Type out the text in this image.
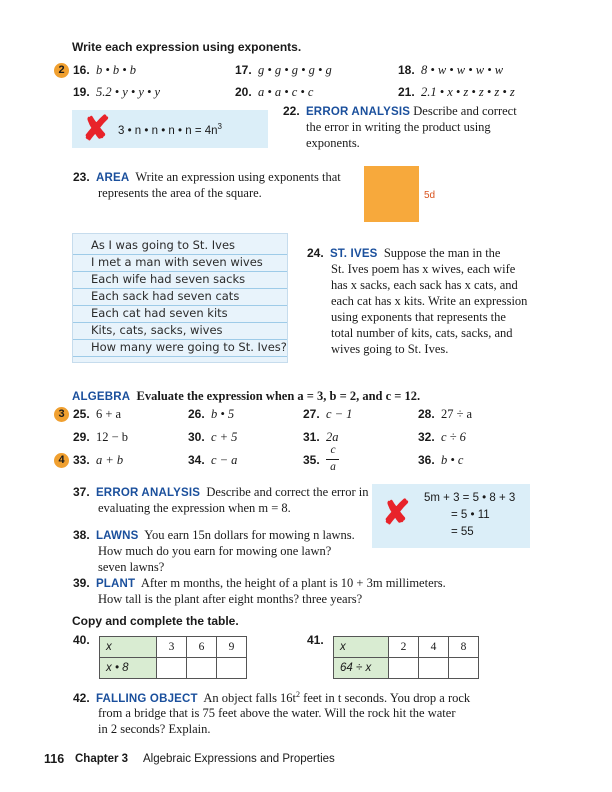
Write each expression using exponents.
2 16. b • b • b	17. g • g • g • g • g	18. 8 • w • w • w • w
19. 5.2 • y • y • y	20. a • a • c • c	21. 2.1 • x • z • z • z • z
✘ 3 • n • n • n • $n = 4n^3$
22. ERROR ANALYSIS Describe and correct
the error in writing the product using
exponents.
23. AREA Write an expression using exponents that
represents the area of the square.	5d
As I was going to St. Ives
I met a man with seven wives
Each wife had seven sacks
Each sack had seven cats
Each cat had seven kits
Kits, cats, sacks, wives
How many were going to St. Ives?
24. ST. IVES Suppose the man in the
St. Ives poem has x wives, each wife
has x sacks, each sack has x cats, and
each cat has x kits. Write an expression
using exponents that represents the
total number of kits, cats, sacks, and
wives going to St. Ives.
ALGEBRA Evaluate the expression when a = 3, b = 2, and c = 12.
3 25. 6 + a	26. b • 5	27. c − 1	28. 27 ÷ a
29. 12 − b	30. c + 5	31. 2a	32. c ÷ 6
4 33. a + b	34. c − a	35.
c
a	36. b • c
37. ERROR ANALYSIS Describe and correct the error in
evaluating the expression when m = 8.	✘ 5m + 3 = 5 • 8 + 3
= 5 • 11
= 55
38. LAWNS You earn 15n dollars for mowing n lawns.
How much do you earn for mowing one lawn?
seven lawns?
39. PLANT After m months, the height of a plant is 10 + 3m millimeters.
How tall is the plant after eight months? three years?
Copy and complete the table.
40. x	3	6	9
x • 8			
41. x	2	4	8
64 ÷ x			
42. FALLING OBJECT An object falls $16t^2$ feet in t seconds. You drop a rock
from a bridge that is 75 feet above the water. Will the rock hit the water
in 2 seconds? Explain.
116 Chapter 3 Algebraic Expressions and Properties
